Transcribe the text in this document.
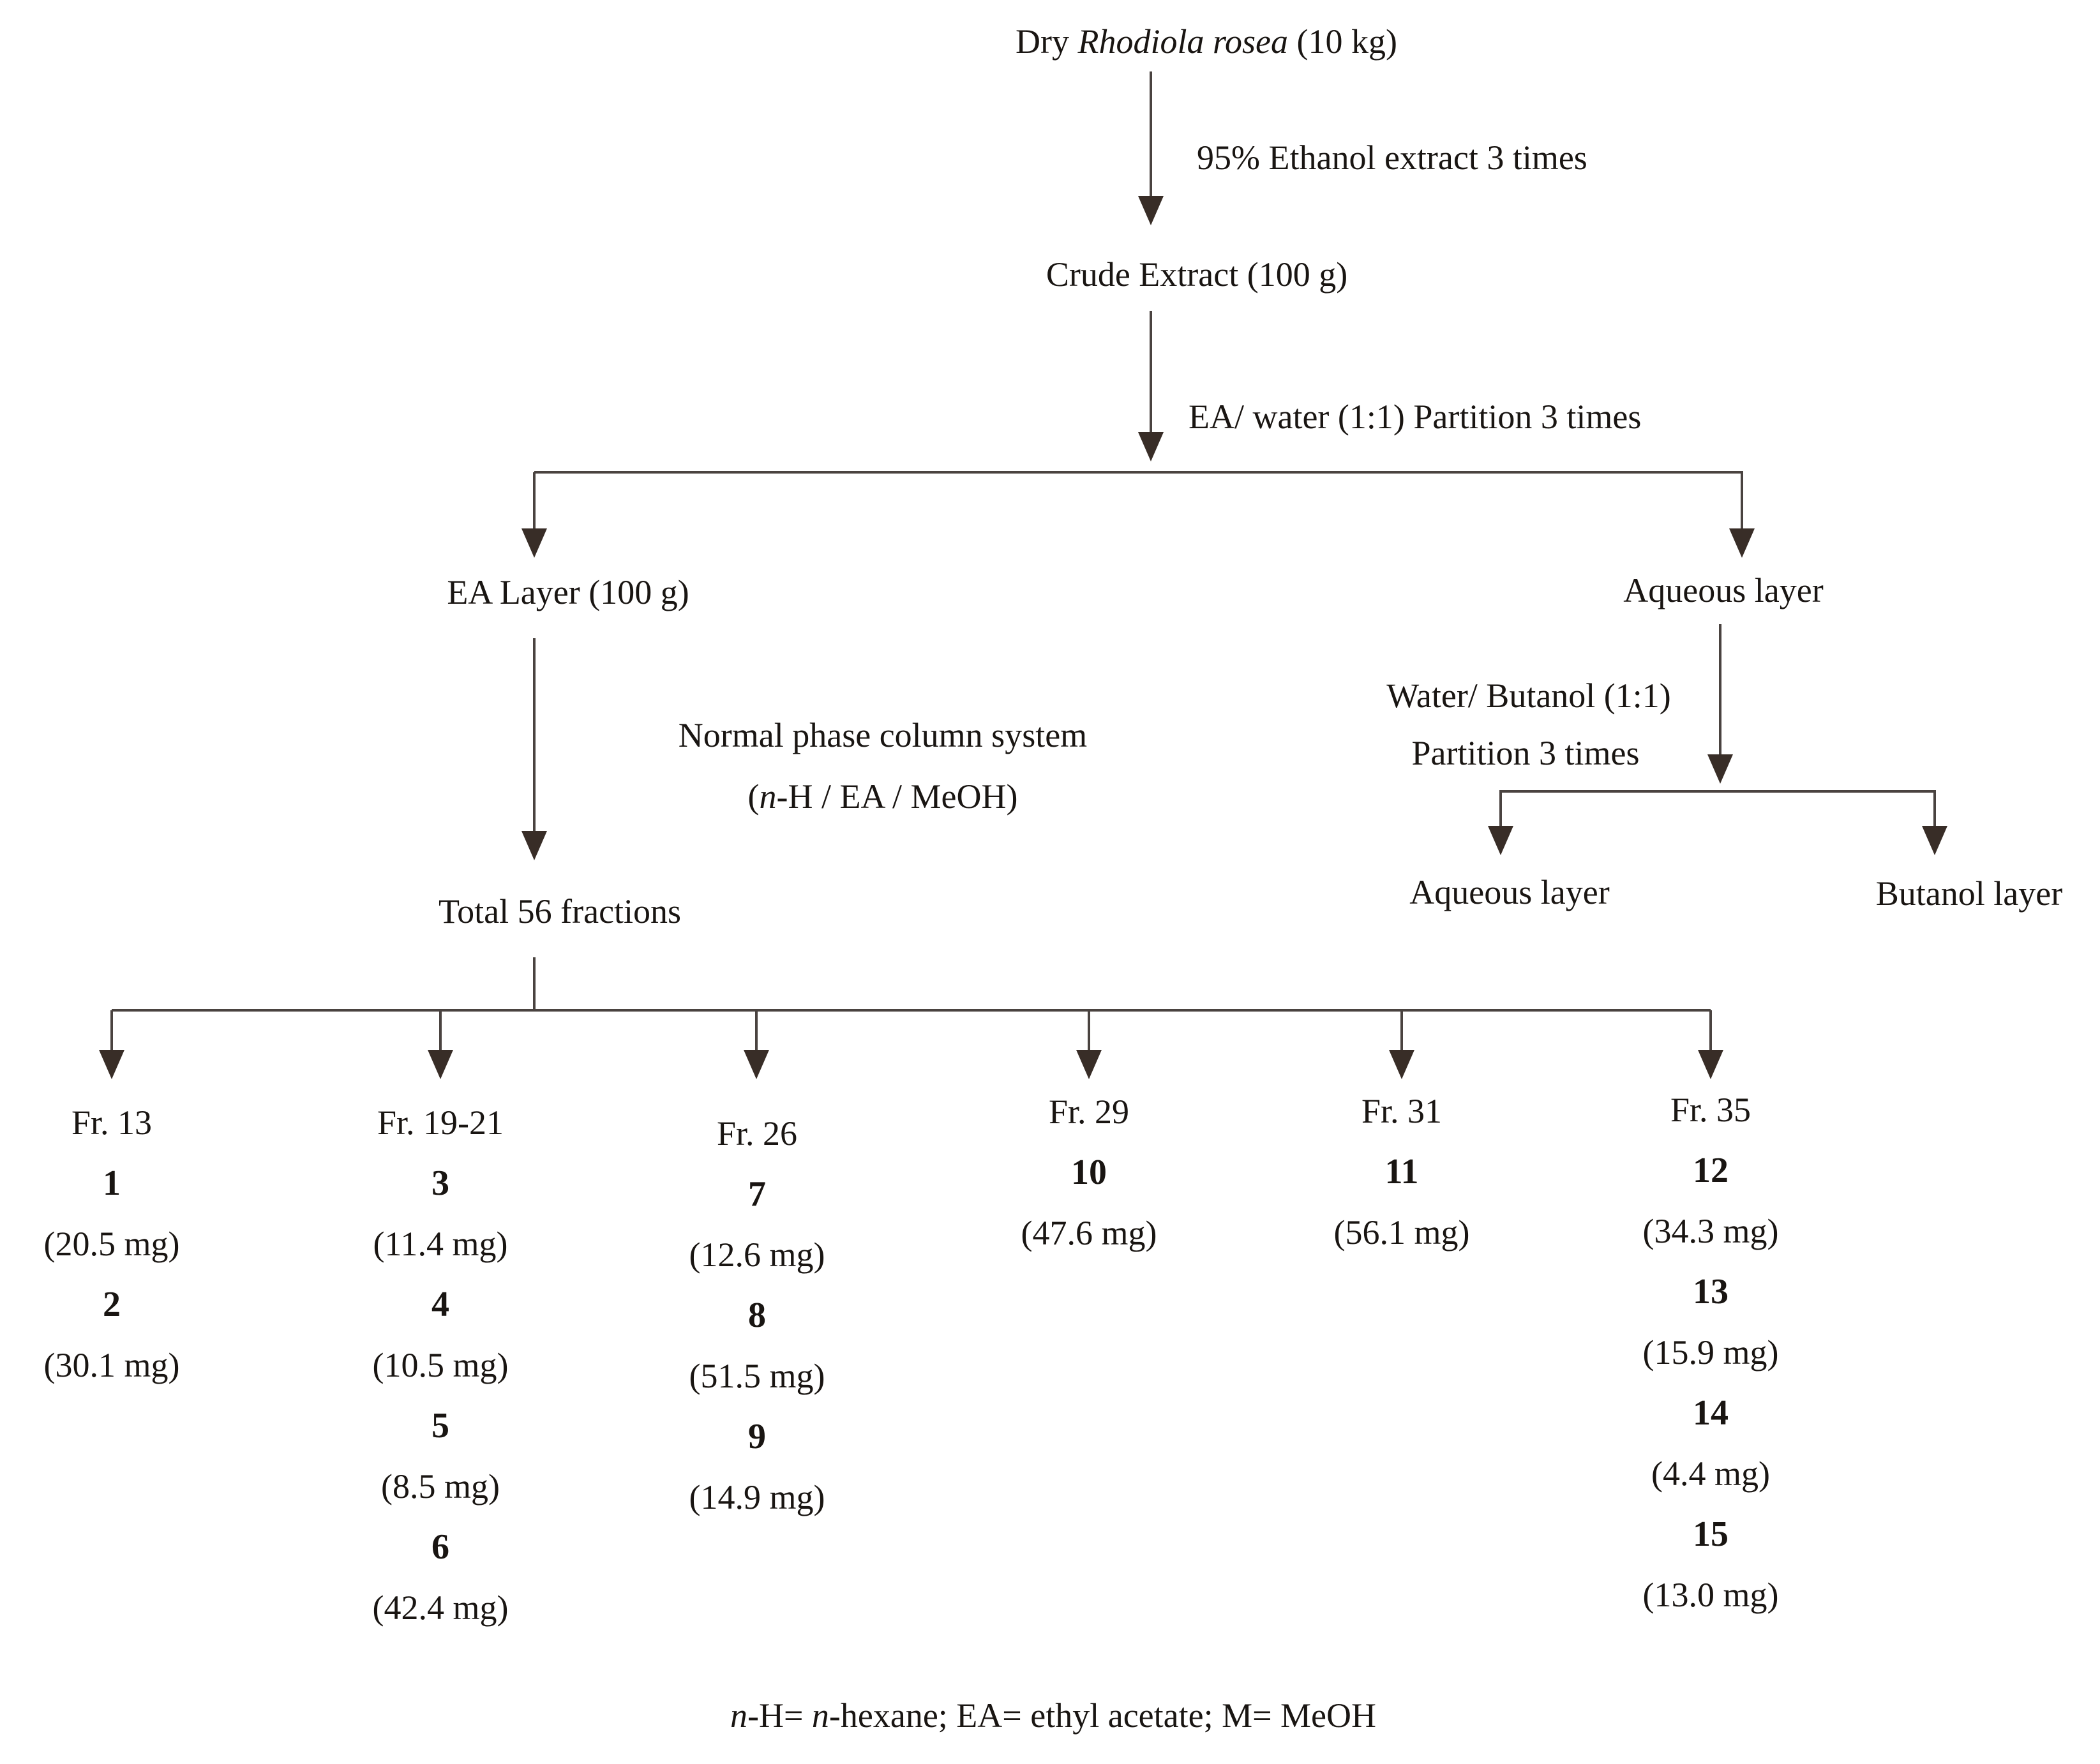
Dry Rhodiola rosea (10 kg)
95% Ethanol extract 3 times
Crude Extract (100 g)
EA/ water (1:1) Partition 3 times
EA Layer (100 g)	Aqueous layer
Normal phase column system
(n-H / EA / MeOH)
Total 56 fractions
Water/ Butanol (1:1)
Partition 3 times
Aqueous layer	Butanol layer
Fr. 13
1
(20.5 mg)
2
(30.1 mg)
Fr. 19-21
3
(11.4 mg)
4
(10.5 mg)
5
(8.5 mg)
6
(42.4 mg)
Fr. 26
7
(12.6 mg)
8
(51.5 mg)
9
(14.9 mg)
Fr. 29
10
(47.6 mg)
Fr. 31
11
(56.1 mg)
Fr. 35
12
(34.3 mg)
13
(15.9 mg)
14
(4.4 mg)
15
(13.0 mg)
n-H= n-hexane; EA= ethyl acetate; M= MeOH
